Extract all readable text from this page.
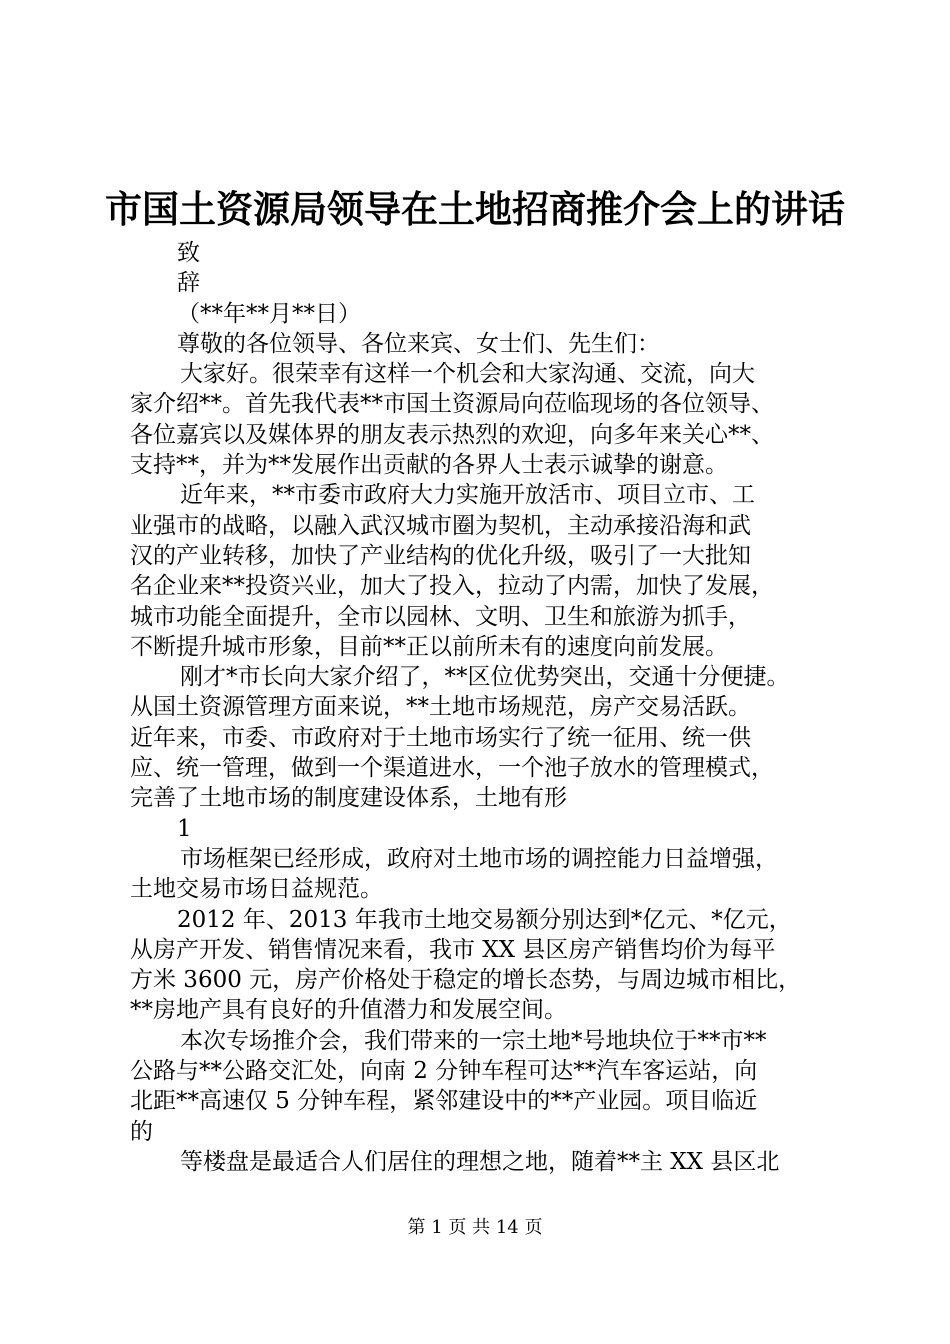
市国土资源局领导在土地招商推介会上的讲话
致
辞
（**年**月**日）
尊敬的各位领导、各位来宾、女士们、先生们：
大家好。很荣幸有这样一个机会和大家沟通、交流，向大
家介绍**。首先我代表**市国土资源局向莅临现场的各位领导、
各位嘉宾以及媒体界的朋友表示热烈的欢迎，向多年来关心**、
支持**，并为**发展作出贡献的各界人士表示诚挚的谢意。
近年来，**市委市政府大力实施开放活市、项目立市、工
业强市的战略，以融入武汉城市圈为契机，主动承接沿海和武
汉的产业转移，加快了产业结构的优化升级，吸引了一大批知
名企业来**投资兴业，加大了投入，拉动了内需，加快了发展，
城市功能全面提升，全市以园林、文明、卫生和旅游为抓手，
不断提升城市形象，目前**正以前所未有的速度向前发展。
刚才*市长向大家介绍了，**区位优势突出，交通十分便捷。
从国土资源管理方面来说，**土地市场规范，房产交易活跃。
近年来，市委、市政府对于土地市场实行了统一征用、统一供
应、统一管理，做到一个渠道进水，一个池子放水的管理模式，
完善了土地市场的制度建设体系，土地有形
1
市场框架已经形成，政府对土地市场的调控能力日益增强，
土地交易市场日益规范。
2012 年、2013 年我市土地交易额分别达到*亿元、*亿元，
从房产开发、销售情况来看，我市 XX 县区房产销售均价为每平
方米 3600 元，房产价格处于稳定的增长态势，与周边城市相比，
**房地产具有良好的升值潜力和发展空间。
本次专场推介会，我们带来的一宗土地*号地块位于**市**
公路与**公路交汇处，向南 2 分钟车程可达**汽车客运站，向
北距**高速仅 5 分钟车程，紧邻建设中的**产业园。项目临近
的
等楼盘是最适合人们居住的理想之地，随着**主 XX 县区北
第 1 页 共 14 页
